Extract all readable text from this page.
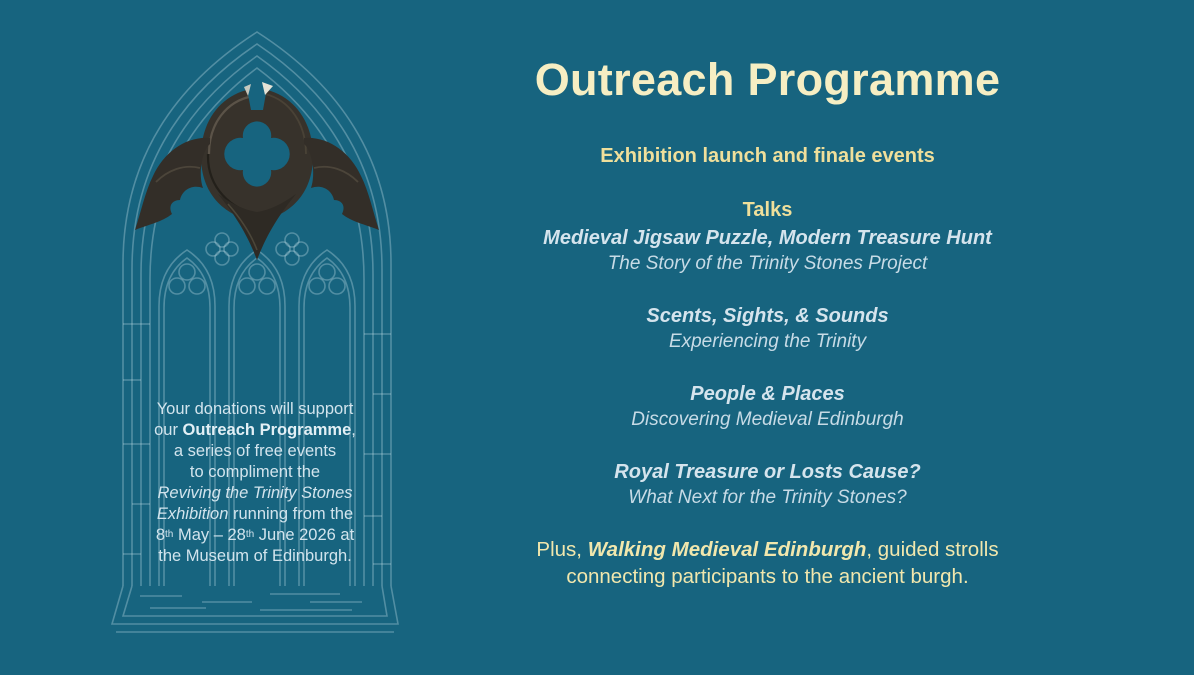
Your donations will support
our Outreach Programme,
a series of free events
to compliment the
Reviving the Trinity Stones
Exhibition running from the
8th May – 28th June 2026 at
the Museum of Edinburgh.
Outreach Programme
Exhibition launch and finale events
Talks
Medieval Jigsaw Puzzle, Modern Treasure Hunt
The Story of the Trinity Stones Project
Scents, Sights, & Sounds
Experiencing the Trinity
People & Places
Discovering Medieval Edinburgh
Royal Treasure or Losts Cause?
What Next for the Trinity Stones?

Plus, Walking Medieval Edinburgh, guided strolls
connecting participants to the ancient burgh.
